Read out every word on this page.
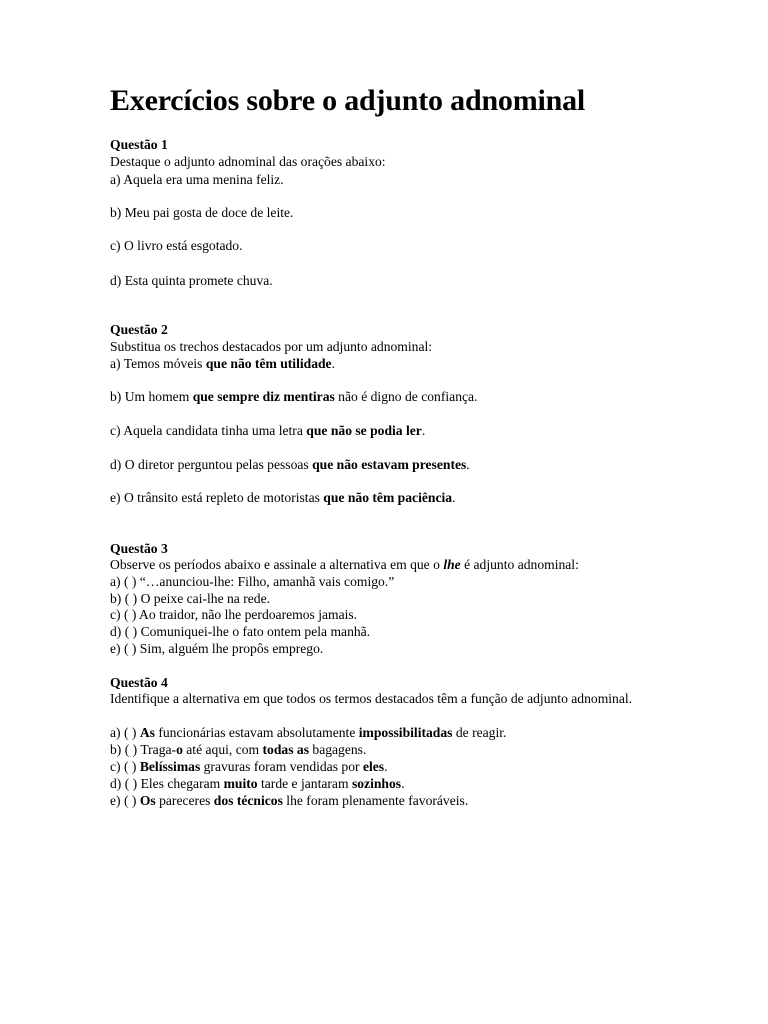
Exercícios sobre o adjunto adnominal

Questão 1

Destaque o adjunto adnominal das orações abaixo:

a) Aquela era uma menina feliz.

b) Meu pai gosta de doce de leite.

c) O livro está esgotado.

d) Esta quinta promete chuva.

Questão 2

Substitua os trechos destacados por um adjunto adnominal:

a) Temos móveis que não têm utilidade.

b) Um homem que sempre diz mentiras não é digno de confiança.

c) Aquela candidata tinha uma letra que não se podia ler.

d) O diretor perguntou pelas pessoas que não estavam presentes.

e) O trânsito está repleto de motoristas que não têm paciência.

Questão 3

Observe os períodos abaixo e assinale a alternativa em que o lhe é adjunto adnominal:

a) ( ) “…anunciou-lhe: Filho, amanhã vais comigo.”

b) ( ) O peixe cai-lhe na rede.

c) ( ) Ao traidor, não lhe perdoaremos jamais.

d) ( ) Comuniquei-lhe o fato ontem pela manhã.

e) ( ) Sim, alguém lhe propôs emprego.

Questão 4

Identifique a alternativa em que todos os termos destacados têm a função de adjunto adnominal.

a) ( ) As funcionárias estavam absolutamente impossibilitadas de reagir.

b) ( ) Traga-o até aqui, com todas as bagagens.

c) ( ) Belíssimas gravuras foram vendidas por eles.

d) ( ) Eles chegaram muito tarde e jantaram sozinhos.

e) ( ) Os pareceres dos técnicos lhe foram plenamente favoráveis.
